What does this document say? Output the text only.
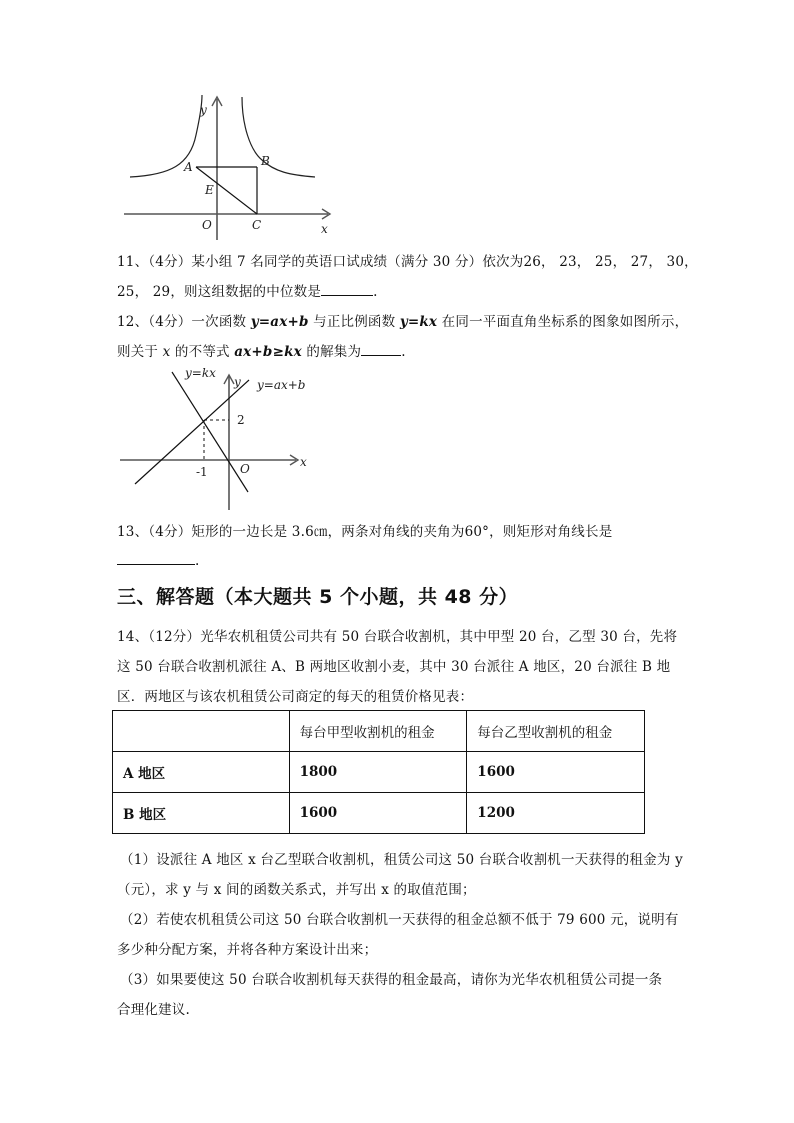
y
A	B
E
O	C	x
11、（4分）某小组 7 名同学的英语口试成绩（满分 30 分）依次为26， 23， 25， 27， 30，
25， 29，则这组数据的中位数是	.
12、（4分）一次函数 y=ax+b 与正比例函数 y=kx 在同一平面直角坐标系的图象如图所示，
则关于 x 的不等式 ax+b≥kx 的解集为	.
y=kx
y y=ax+b
2
-1	O	x
13、（4分）矩形的一边长是 3.6㎝，两条对角线的夹角为60°，则矩形对角线长是
.
三、解答题（本大题共 5 个小题，共 48 分）
14、（12分）光华农机租赁公司共有 50 台联合收割机，其中甲型 20 台，乙型 30 台，先将
这 50 台联合收割机派往 A、B 两地区收割小麦，其中 30 台派往 A 地区，20 台派往 B 地
区．两地区与该农机租赁公司商定的每天的租赁价格见表：
	每台甲型收割机的租金	每台乙型收割机的租金
A 地区	1800	1600
B 地区	1600	1200
（1）设派往 A 地区 x 台乙型联合收割机，租赁公司这 50 台联合收割机一天获得的租金为 y
（元），求 y 与 x 间的函数关系式，并写出 x 的取值范围；
（2）若使农机租赁公司这 50 台联合收割机一天获得的租金总额不低于 79 600 元，说明有
多少种分配方案，并将各种方案设计出来；
（3）如果要使这 50 台联合收割机每天获得的租金最高，请你为光华农机租赁公司提一条
合理化建议.
